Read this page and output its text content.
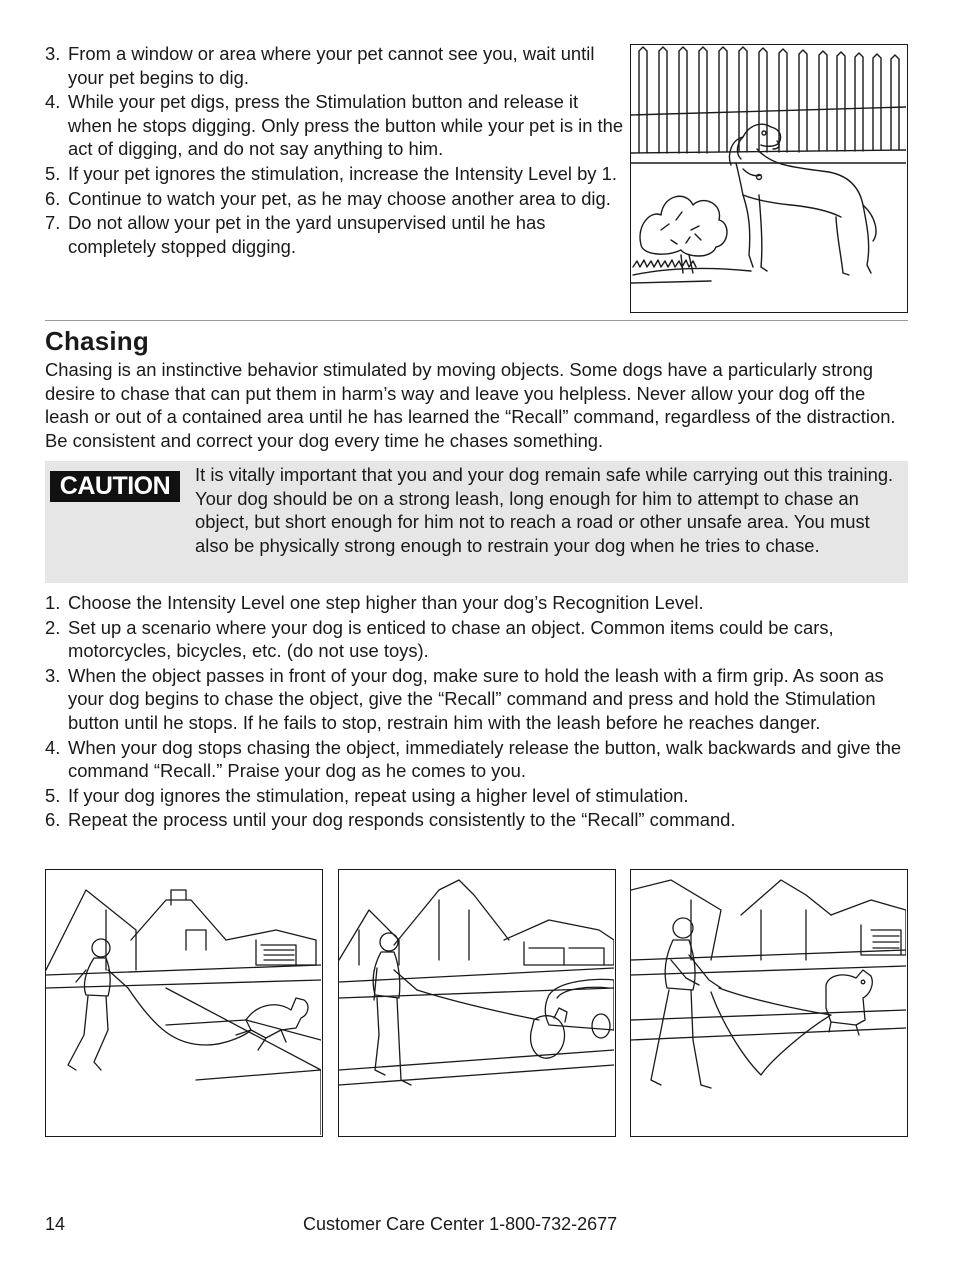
3. From a window or area where your pet cannot see you, wait until your pet begins to dig.
4. While your pet digs, press the Stimulation button and release it when he stops digging. Only press the button while your pet is in the act of digging, and do not say anything to him.
5. If your pet ignores the stimulation, increase the Intensity Level by 1.
6. Continue to watch your pet, as he may choose another area to dig.
7. Do not allow your pet in the yard unsupervised until he has completely stopped digging.
Chasing

Chasing is an instinctive behavior stimulated by moving objects. Some dogs have a particularly strong desire to chase that can put them in harm’s way and leave you helpless. Never allow your dog off the leash or out of a contained area until he has learned the “Recall” command, regardless of the distraction. Be consistent and correct your dog every time he chases something.

CAUTION	It is vitally important that you and your dog remain safe while carrying out this training. Your dog should be on a strong leash, long enough for him to attempt to chase an object, but short enough for him not to reach a road or other unsafe area. You must also be physically strong enough to restrain your dog when he tries to chase.

1. Choose the Intensity Level one step higher than your dog’s Recognition Level.
2. Set up a scenario where your dog is enticed to chase an object. Common items could be cars, motorcycles, bicycles, etc. (do not use toys).
3. When the object passes in front of your dog, make sure to hold the leash with a firm grip. As soon as your dog begins to chase the object, give the “Recall” command and press and hold the Stimulation button until he stops. If he fails to stop, restrain him with the leash before he reaches danger.
4. When your dog stops chasing the object, immediately release the button, walk backwards and give the command “Recall.” Praise your dog as he comes to you.
5. If your dog ignores the stimulation, repeat using a higher level of stimulation.
6. Repeat the process until your dog responds consistently to the “Recall” command.
14	Customer Care Center 1-800-732-2677
